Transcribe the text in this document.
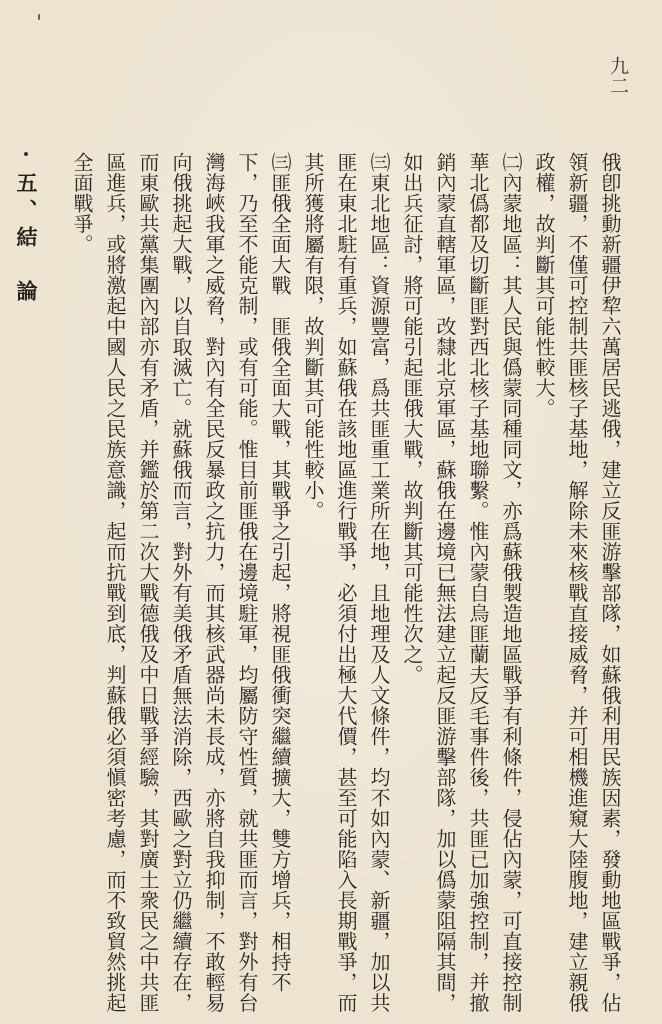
九二

俄卽挑動新疆伊犂六萬居民逃俄，建立反匪游擊部隊，如蘇俄利用民族因素，發動地區戰爭，佔領新疆，不僅可控制共匪核子基地，解除未來核戰直接威脅，并可相機進窺大陸腹地，建立親俄政權，故判斷其可能性較大。

㈡內蒙地區：其人民與僞蒙同種同文，亦爲蘇俄製造地區戰爭有利條件，侵佔內蒙，可直接控制華北僞都及切斷匪對西北核子基地聯繫。惟內蒙自烏匪蘭夫反毛事件後，共匪已加強控制，并撤銷內蒙直轄軍區，改隸北京軍區，蘇俄在邊境已無法建立起反匪游擊部隊，加以僞蒙阻隔其間，如出兵征討，將可能引起匪俄大戰，故判斷其可能性次之。

㈢東北地區：資源豐富，爲共匪重工業所在地，且地理及人文條件，均不如內蒙、新疆，加以共匪在東北駐有重兵，如蘇俄在該地區進行戰爭，必須付出極大代價，甚至可能陷入長期戰爭，而其所獲將屬有限，故判斷其可能性較小。

㈢匪俄全面大戰　匪俄全面大戰，其戰爭之引起，將視匪俄衝突繼續擴大，雙方增兵，相持不下，乃至不能克制，或有可能。惟目前匪俄在邊境駐軍，均屬防守性質，就共匪而言，對外有台灣海峽我軍之威脅，對內有全民反暴政之抗力，而其核武器尚未長成，亦將自我抑制，不敢輕易向俄挑起大戰，以自取滅亡。就蘇俄而言，對外有美俄矛盾無法消除，西歐之對立仍繼續存在，而東歐共黨集團內部亦有矛盾，并鑑於第二次大戰德俄及中日戰爭經驗，其對廣土衆民之中共匪區進兵，或將激起中國人民之民族意識，起而抗戰到底，判蘇俄必須愼密考慮，而不致貿然挑起全面戰爭。

五、結　論
